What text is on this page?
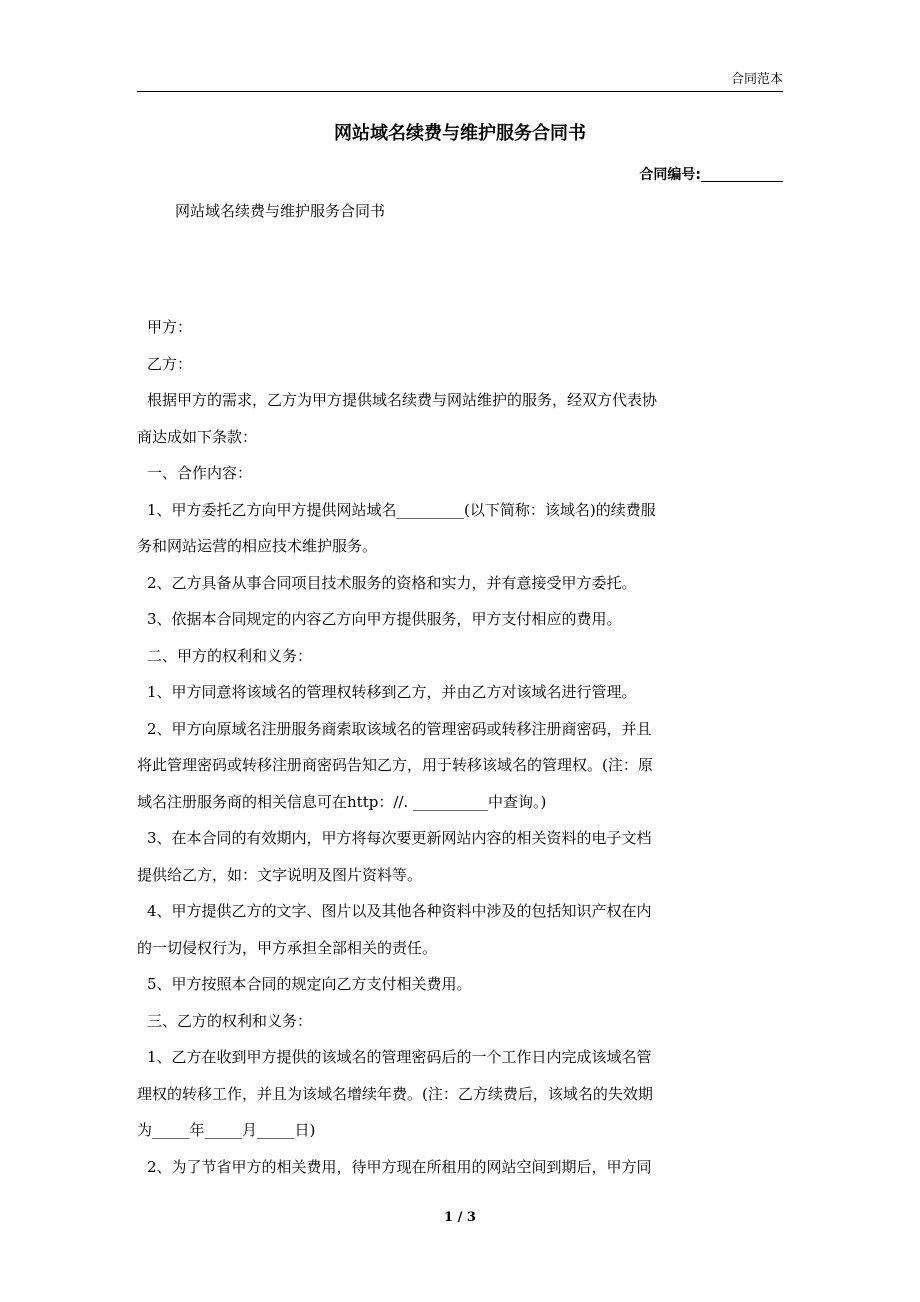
合同范本
网站域名续费与维护服务合同书
合同编号:
网站域名续费与维护服务合同书

甲方：

乙方：

根据甲方的需求，乙方为甲方提供域名续费与网站维护的服务，经双方代表协

商达成如下条款：

一、合作内容：

1、甲方委托乙方向甲方提供网站域名_________(以下简称：该域名)的续费服

务和网站运营的相应技术维护服务。

2、乙方具备从事合同项目技术服务的资格和实力，并有意接受甲方委托。

3、依据本合同规定的内容乙方向甲方提供服务，甲方支付相应的费用。

二、甲方的权利和义务：

1、甲方同意将该域名的管理权转移到乙方，并由乙方对该域名进行管理。

2、甲方向原域名注册服务商索取该域名的管理密码或转移注册商密码，并且

将此管理密码或转移注册商密码告知乙方，用于转移该域名的管理权。(注：原

域名注册服务商的相关信息可在http：//. __________中查询。)

3、在本合同的有效期内，甲方将每次要更新网站内容的相关资料的电子文档

提供给乙方，如：文字说明及图片资料等。

4、甲方提供乙方的文字、图片以及其他各种资料中涉及的包括知识产权在内

的一切侵权行为，甲方承担全部相关的责任。

5、甲方按照本合同的规定向乙方支付相关费用。

三、乙方的权利和义务：

1、乙方在收到甲方提供的该域名的管理密码后的一个工作日内完成该域名管

理权的转移工作，并且为该域名增续年费。(注：乙方续费后，该域名的失效期

为_____年_____月_____日)

2、为了节省甲方的相关费用，待甲方现在所租用的网站空间到期后，甲方同

1 / 3
